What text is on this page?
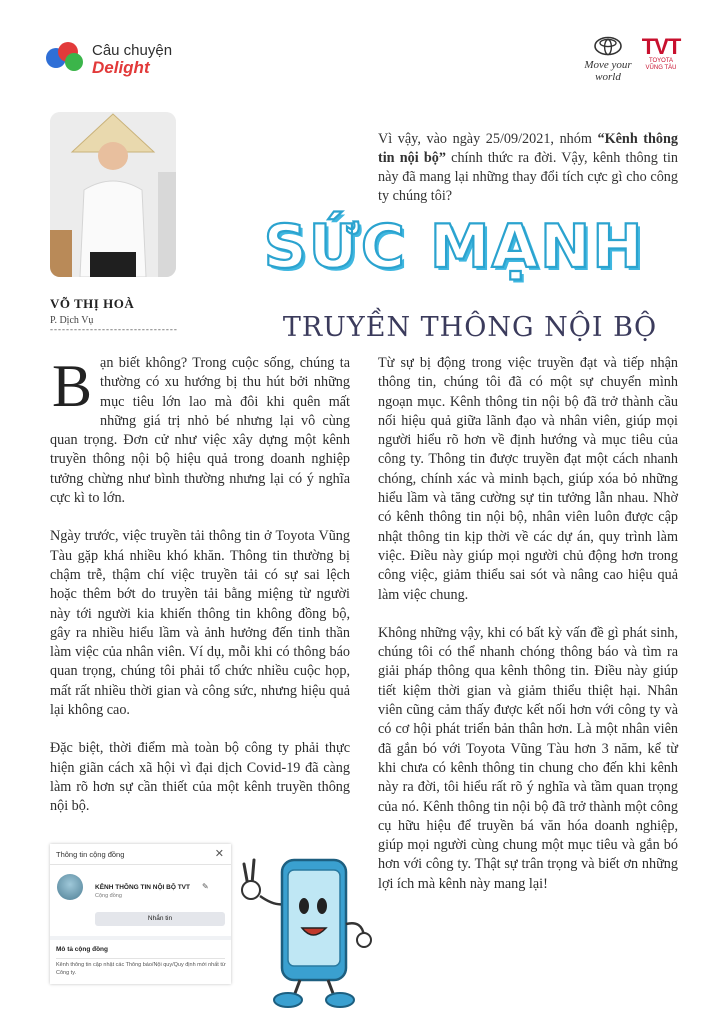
Câu chuyện
Delight	Move your world
TVT
TOYOTA
VŨNG TÀU
VÕ THỊ HOÀ
P. Dịch Vụ
--------------------------------
Vì vậy, vào ngày 25/09/2021, nhóm “Kênh thông tin nội bộ” chính thức ra đời. Vậy, kênh thông tin này đã mang lại những thay đổi tích cực gì cho công ty chúng tôi?
SỨC MẠNH
TRUYỀN THÔNG NỘI BỘ

Bạn biết không? Trong cuộc sống, chúng ta thường có xu hướng bị thu hút bởi những mục tiêu lớn lao mà đôi khi quên mất những giá trị nhỏ bé nhưng lại vô cùng quan trọng. Đơn cử như việc xây dựng một kênh truyền thông nội bộ hiệu quả trong doanh nghiệp tưởng chừng như bình thường nhưng lại có ý nghĩa cực kì to lớn.

Ngày trước, việc truyền tải thông tin ở Toyota Vũng Tàu gặp khá nhiều khó khăn. Thông tin thường bị chậm trễ, thậm chí việc truyền tải có sự sai lệch hoặc thêm bớt do truyền tải bằng miệng từ người này tới người kia khiến thông tin không đồng bộ, gây ra nhiều hiểu lầm và ảnh hưởng đến tinh thần làm việc của nhân viên. Ví dụ, mỗi khi có thông báo quan trọng, chúng tôi phải tổ chức nhiều cuộc họp, mất rất nhiều thời gian và công sức, nhưng hiệu quả lại không cao.

Đặc biệt, thời điểm mà toàn bộ công ty phải thực hiện giãn cách xã hội vì đại dịch Covid-19 đã càng làm rõ hơn sự cần thiết của một kênh truyền thông nội bộ.

Từ sự bị động trong việc truyền đạt và tiếp nhận thông tin, chúng tôi đã có một sự chuyển mình ngoạn mục. Kênh thông tin nội bộ đã trở thành cầu nối hiệu quả giữa lãnh đạo và nhân viên, giúp mọi người hiểu rõ hơn về định hướng và mục tiêu của công ty. Thông tin được truyền đạt một cách nhanh chóng, chính xác và minh bạch, giúp xóa bỏ những hiểu lầm và tăng cường sự tin tưởng lẫn nhau. Nhờ có kênh thông tin nội bộ, nhân viên luôn được cập nhật thông tin kịp thời về các dự án, quy trình làm việc. Điều này giúp mọi người chủ động hơn trong công việc, giảm thiểu sai sót và nâng cao hiệu quả làm việc chung.

Không những vậy, khi có bất kỳ vấn đề gì phát sinh, chúng tôi có thể nhanh chóng thông báo và tìm ra giải pháp thông qua kênh thông tin. Điều này giúp tiết kiệm thời gian và giảm thiểu thiệt hại. Nhân viên cũng cảm thấy được kết nối hơn với công ty và có cơ hội phát triển bản thân hơn. Là một nhân viên đã gắn bó với Toyota Vũng Tàu hơn 3 năm, kể từ khi chưa có kênh thông tin chung cho đến khi kênh này ra đời, tôi hiểu rất rõ ý nghĩa và tầm quan trọng của nó. Kênh thông tin nội bộ đã trở thành một công cụ hữu hiệu để truyền bá văn hóa doanh nghiệp, giúp mọi người cùng chung một mục tiêu và gắn bó hơn với công ty. Thật sự trân trọng và biết ơn những lợi ích mà kênh này mang lại!

Thông tin cộng đồng	✕
KÊNH THÔNG TIN NỘI BỘ TVT
Cộng đồng
✎
Nhắn tin
Mô tả cộng đồng
Kênh thông tin cập nhật các Thông báo/Nội quy/Quy định mới nhất từ Công ty.
